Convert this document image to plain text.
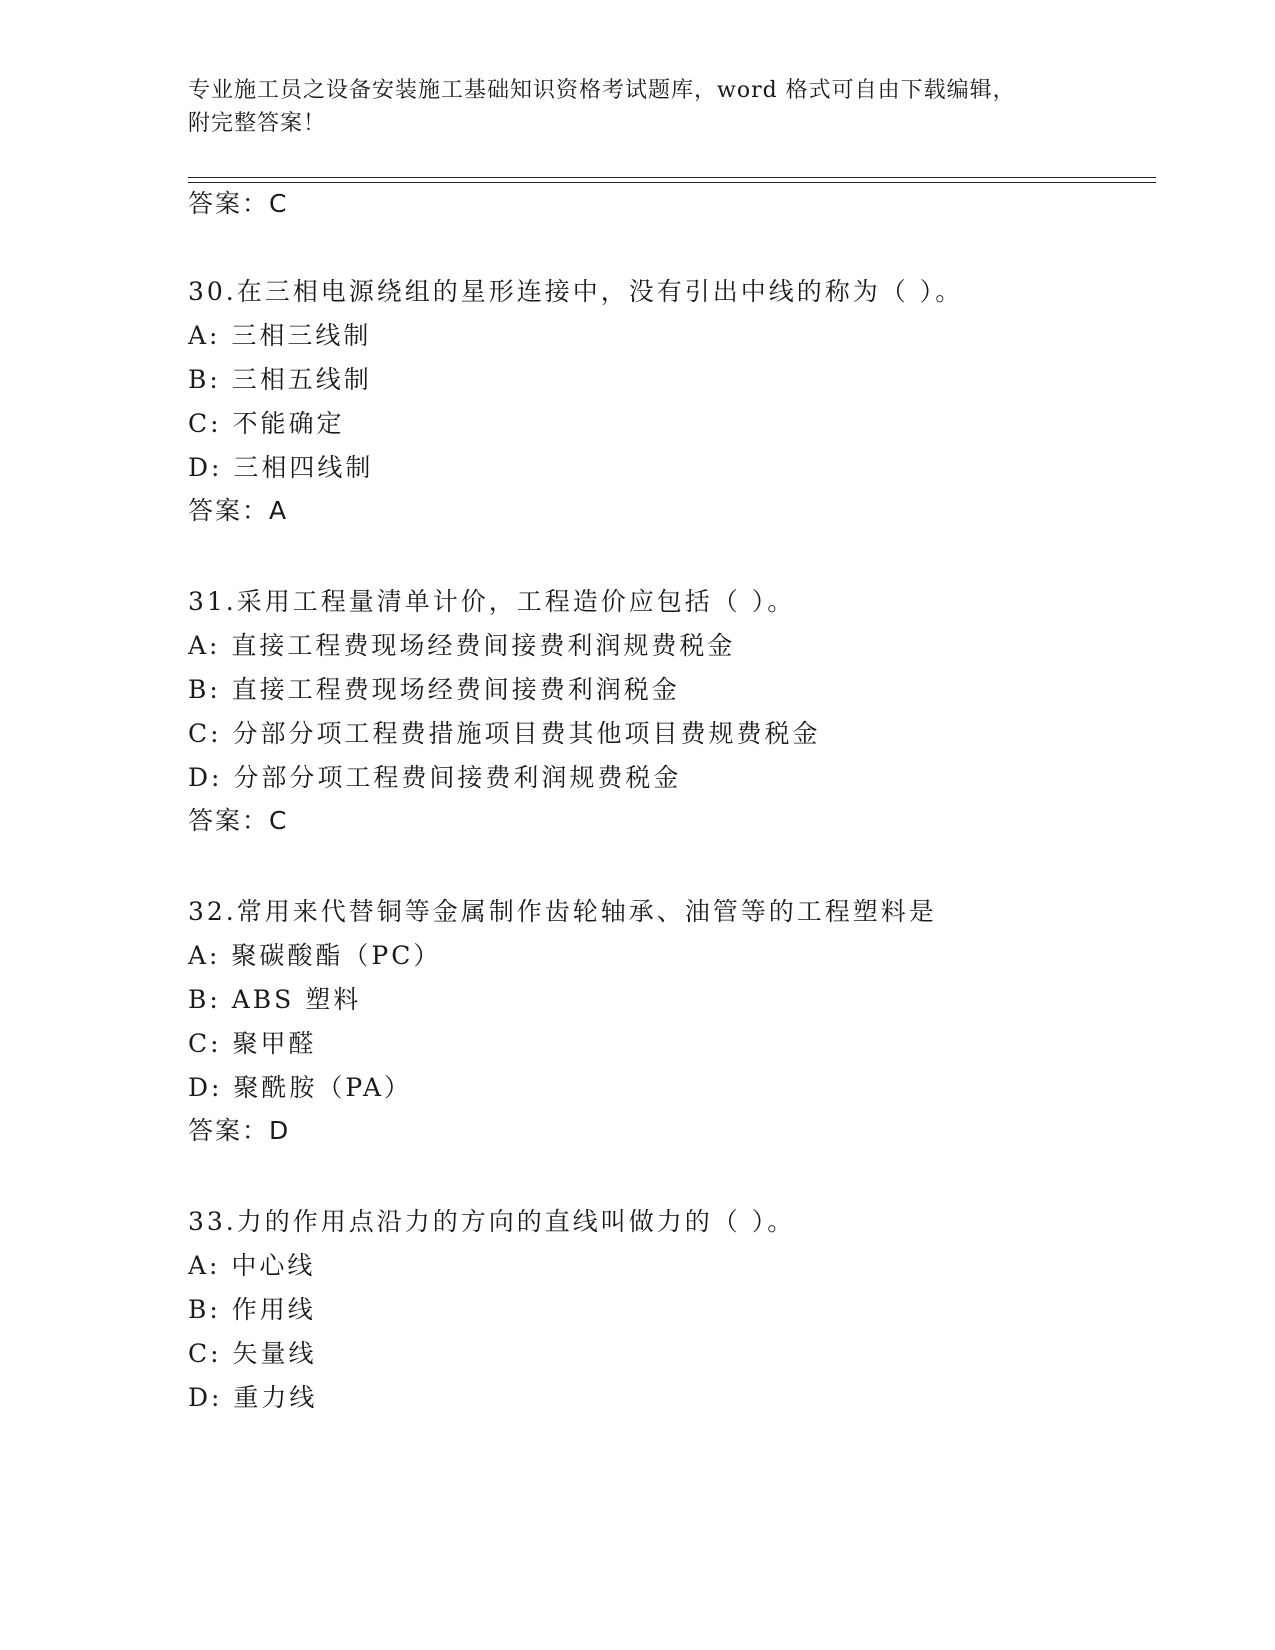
专业施工员之设备安装施工基础知识资格考试题库，word 格式可自由下载编辑，
附完整答案！
答案：C
30.在三相电源绕组的星形连接中，没有引出中线的称为（ ）。
A: 三相三线制
B: 三相五线制
C: 不能确定
D: 三相四线制
答案：A
31.采用工程量清单计价，工程造价应包括（ ）。
A: 直接工程费现场经费间接费利润规费税金
B: 直接工程费现场经费间接费利润税金
C: 分部分项工程费措施项目费其他项目费规费税金
D: 分部分项工程费间接费利润规费税金
答案：C
32.常用来代替铜等金属制作齿轮轴承、油管等的工程塑料是
A: 聚碳酸酯（PC）
B: ABS 塑料
C: 聚甲醛
D: 聚酰胺（PA）
答案：D
33.力的作用点沿力的方向的直线叫做力的（ ）。
A: 中心线
B: 作用线
C: 矢量线
D: 重力线
